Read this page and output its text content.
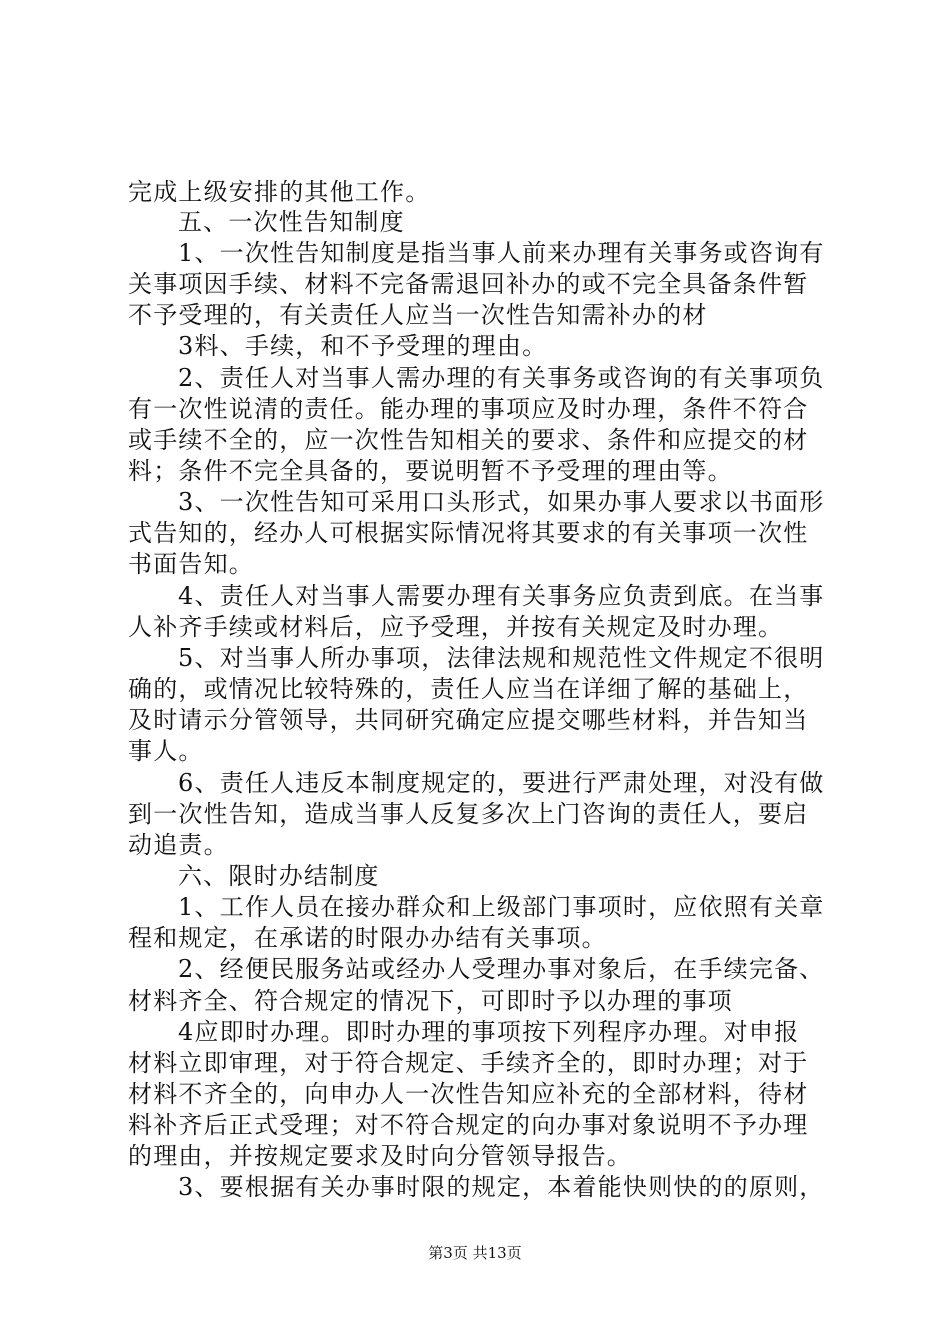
完成上级安排的其他工作。
五、一次性告知制度
1、一次性告知制度是指当事人前来办理有关事务或咨询有
关事项因手续、材料不完备需退回补办的或不完全具备条件暂
不予受理的，有关责任人应当一次性告知需补办的材
3料、手续，和不予受理的理由。
2、责任人对当事人需办理的有关事务或咨询的有关事项负
有一次性说清的责任。能办理的事项应及时办理，条件不符合
或手续不全的，应一次性告知相关的要求、条件和应提交的材
料；条件不完全具备的，要说明暂不予受理的理由等。
3、一次性告知可采用口头形式，如果办事人要求以书面形
式告知的，经办人可根据实际情况将其要求的有关事项一次性
书面告知。
4、责任人对当事人需要办理有关事务应负责到底。在当事
人补齐手续或材料后，应予受理，并按有关规定及时办理。
5、对当事人所办事项，法律法规和规范性文件规定不很明
确的，或情况比较特殊的，责任人应当在详细了解的基础上，
及时请示分管领导，共同研究确定应提交哪些材料，并告知当
事人。
6、责任人违反本制度规定的，要进行严肃处理，对没有做
到一次性告知，造成当事人反复多次上门咨询的责任人，要启
动追责。
六、限时办结制度
1、工作人员在接办群众和上级部门事项时，应依照有关章
程和规定，在承诺的时限办办结有关事项。
2、经便民服务站或经办人受理办事对象后，在手续完备、
材料齐全、符合规定的情况下，可即时予以办理的事项
4应即时办理。即时办理的事项按下列程序办理。对申报
材料立即审理，对于符合规定、手续齐全的，即时办理；对于
材料不齐全的，向申办人一次性告知应补充的全部材料，待材
料补齐后正式受理；对不符合规定的向办事对象说明不予办理
的理由，并按规定要求及时向分管领导报告。
3、要根据有关办事时限的规定，本着能快则快的的原则，
第3页 共13页
